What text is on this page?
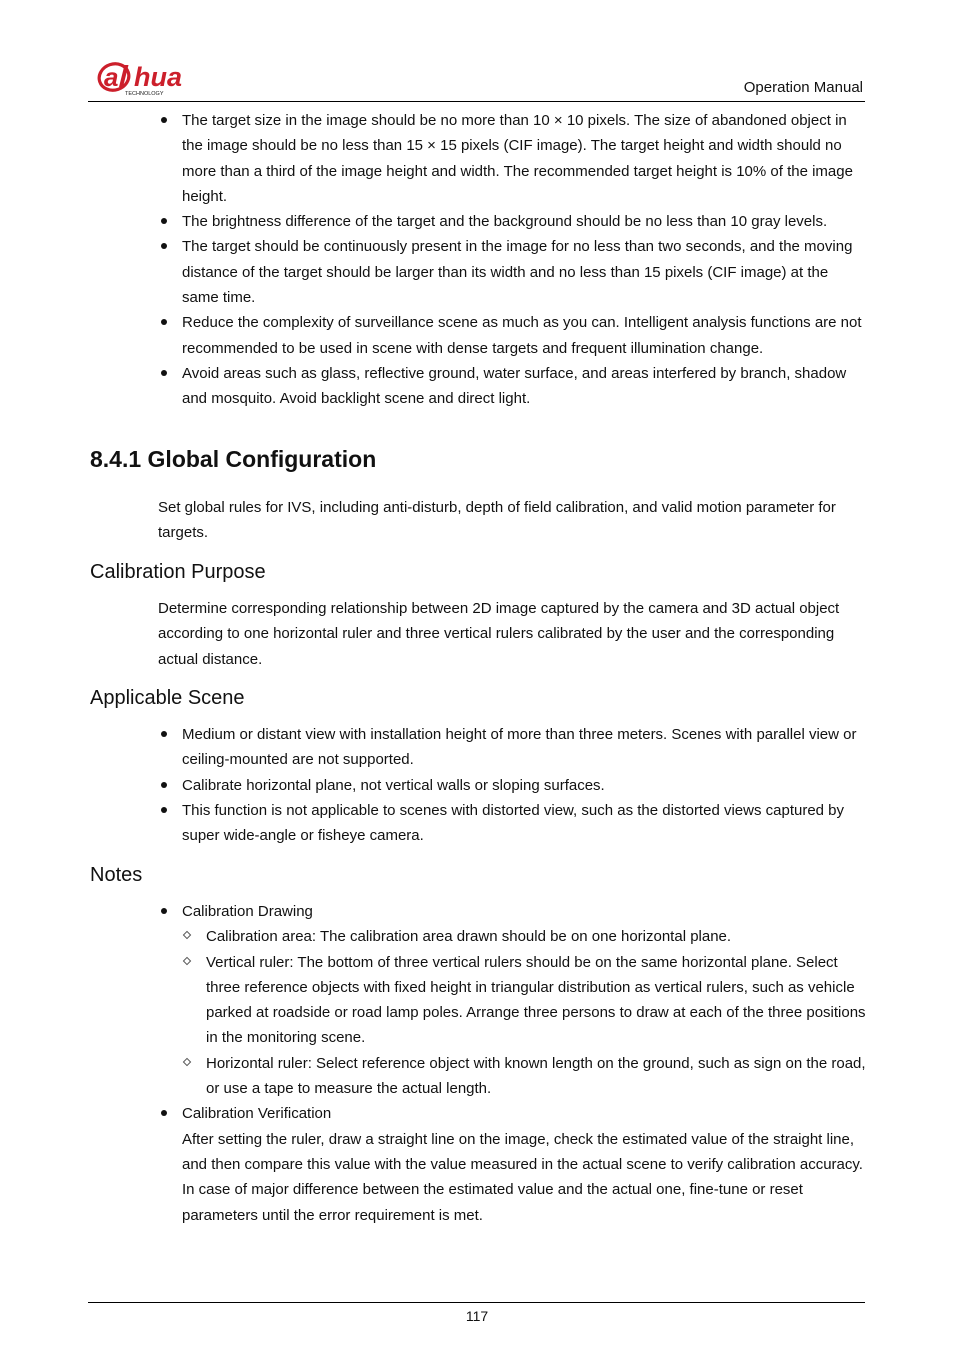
a hua
TECHNOLOGY	Operation Manual
The target size in the image should be no more than 10 × 10 pixels. The size of abandoned object in the image should be no less than 15 × 15 pixels (CIF image). The target height and width should no more than a third of the image height and width. The recommended target height is 10% of the image height.
The brightness difference of the target and the background should be no less than 10 gray levels.
The target should be continuously present in the image for no less than two seconds, and the moving distance of the target should be larger than its width and no less than 15 pixels (CIF image) at the same time.
Reduce the complexity of surveillance scene as much as you can. Intelligent analysis functions are not recommended to be used in scene with dense targets and frequent illumination change.
Avoid areas such as glass, reflective ground, water surface, and areas interfered by branch, shadow and mosquito. Avoid backlight scene and direct light.
8.4.1 Global Configuration

Set global rules for IVS, including anti-disturb, depth of field calibration, and valid motion parameter for targets.

Calibration Purpose

Determine corresponding relationship between 2D image captured by the camera and 3D actual object according to one horizontal ruler and three vertical rulers calibrated by the user and the corresponding actual distance.

Applicable Scene
Medium or distant view with installation height of more than three meters. Scenes with parallel view or ceiling-mounted are not supported.
Calibrate horizontal plane, not vertical walls or sloping surfaces.
This function is not applicable to scenes with distorted view, such as the distorted views captured by super wide-angle or fisheye camera.
Notes
Calibration Drawing
Calibration area: The calibration area drawn should be on one horizontal plane.
Vertical ruler: The bottom of three vertical rulers should be on the same horizontal plane. Select three reference objects with fixed height in triangular distribution as vertical rulers, such as vehicle parked at roadside or road lamp poles. Arrange three persons to draw at each of the three positions in the monitoring scene.
Horizontal ruler: Select reference object with known length on the ground, such as sign on the road, or use a tape to measure the actual length.
Calibration Verification

After setting the ruler, draw a straight line on the image, check the estimated value of the straight line, and then compare this value with the value measured in the actual scene to verify calibration accuracy. In case of major difference between the estimated value and the actual one, fine-tune or reset parameters until the error requirement is met.

117
